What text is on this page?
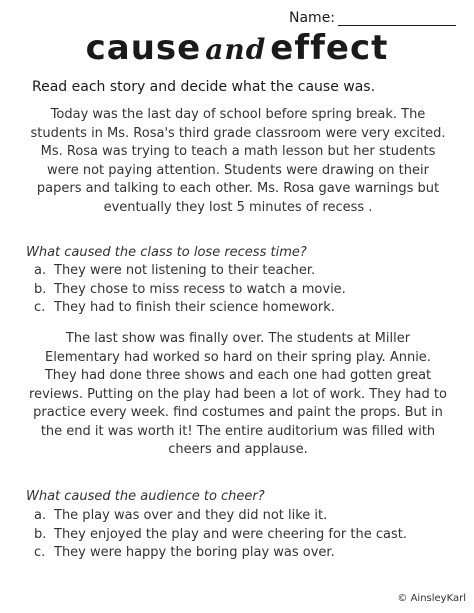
Name:
cause and effect

Read each story and decide what the cause was.

Today was the last day of school before spring break. The students in Ms. Rosa's third grade classroom were very excited. Ms. Rosa was trying to teach a math lesson but her students were not paying attention. Students were drawing on their papers and talking to each other. Ms. Rosa gave warnings but eventually they lost 5 minutes of recess .

What caused the class to lose recess time?

a. They were not listening to their teacher.
b. They chose to miss recess to watch a movie.
c. They had to finish their science homework.

The last show was finally over. The students at Miller Elementary had worked so hard on their spring play. Annie. They had done three shows and each one had gotten great reviews. Putting on the play had been a lot of work. They had to practice every week. find costumes and paint the props. But in the end it was worth it! The entire auditorium was filled with cheers and applause.

What caused the audience to cheer?

a. The play was over and they did not like it.
b. They enjoyed the play and were cheering for the cast.
c. They were happy the boring play was over.
© AinsleyKarl
